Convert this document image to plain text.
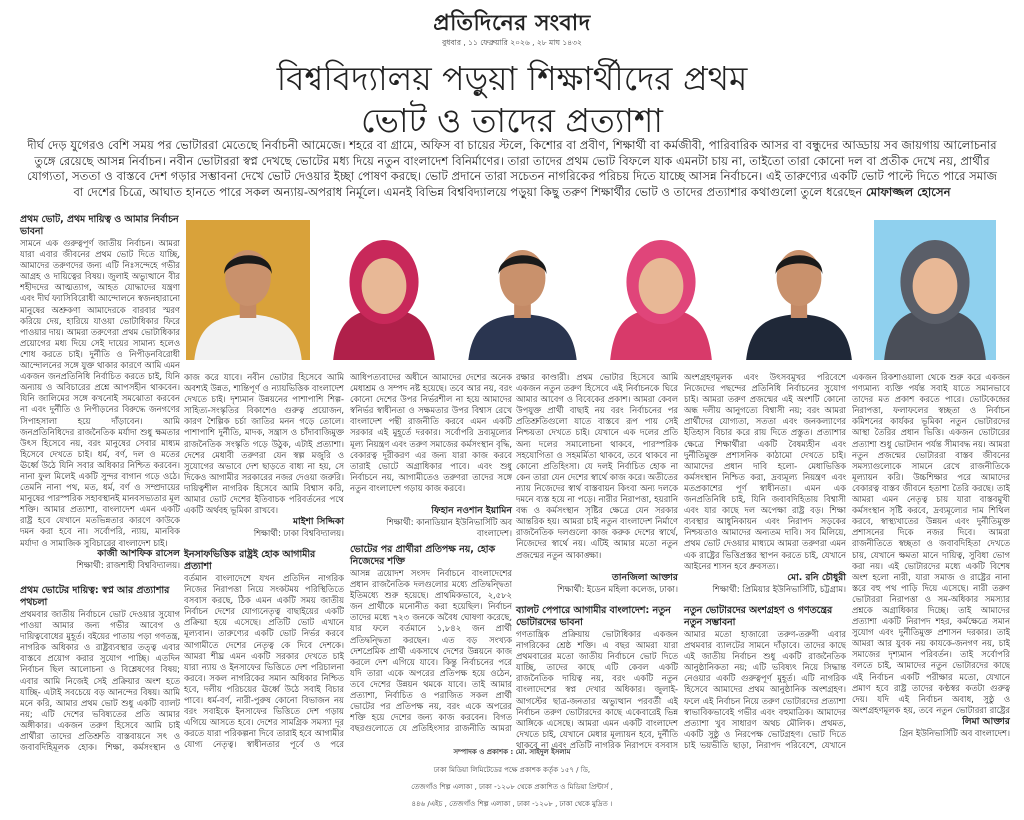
প্রতিদিনের সংবাদ
বুধবার , ১১ ফেব্রুয়ারি ২০২৬ , ২৮ মাঘ ১৪৩২
বিশ্ববিদ্যালয় পড়ুয়া শিক্ষার্থীদের প্রথম
ভোট ও তাদের প্রত্যাশা
দীর্ঘ দেড় যুগেরও বেশি সময় পর ভোটাররা মেতেছে নির্বাচনী আমেজে। শহরে বা গ্রামে, অফিস বা চায়ের স্টলে, কিশোর বা প্রবীণ, শিক্ষার্থী বা কর্মজীবী, পারিবারিক আসর বা বন্ধুদের আড্ডায় সব জায়গায় আলোচনার তুঙ্গে রেয়েছে আসন্ন নির্বাচন। নবীন ভোটাররা স্বপ্ন দেখছে ভোটের মধ্য দিয়ে নতুন বাংলাদেশ বিনির্মাণের। তারা তাদের প্রথম ভোট বিফলে যাক এমনটা চায় না, তাইতো তারা কোনো দল বা প্রতীক দেখে নয়, প্রার্থীর যোগ্যতা, সততা ও বাস্তবে দেশ গড়ার সম্ভাবনা দেখে ভোট দেওয়ার ইচ্ছা পোষণ করছে। ভোট প্রদানে তারা সচেতন নাগরিকের পরিচয় দিতে যাচ্ছে আসন্ন নির্বাচনে। এই তারুণ্যের একটি ভোট পাল্টে দিতে পারে সমাজ বা দেশের চিত্রে, আঘাত হানতে পারে সকল অন্যায়-অপরাধ নির্মূলে। এমনই বিভিন্ন বিশ্ববিদ্যালয়ে পড়ুয়া কিছু তরুণ শিক্ষার্থীর ভোট ও তাদের প্রত্যাশার কথাগুলো তুলে ধরেছেন মোফাজ্জল হোসেন
প্রথম ভোট, প্রথম দায়িত্ব ও আমার নির্বাচন ভাবনা
সামনে এক গুরুত্বপূর্ণ জাতীয় নির্বাচন। আমরা যারা এবার জীবনের প্রথম ভোট দিতে যাচ্ছি, আমাদের তরুণদের জন্য এটি নিঃসন্দেহে গভীর আগ্রহ ও দায়িত্বের বিষয়। জুলাই অভ্যুত্থানে বীর শহীদদের আত্মত্যাগ, আহত যোদ্ধাদের যন্ত্রণা এবং দীর্ঘ ফ্যাসিবিরোধী আন্দোলনে স্বজনহারানো মানুষের অশ্রুকণা আমাদেরকে বারবার স্মরণ করিয়ে দেয়, হারিয়ে যাওয়া ভোটাধিকার ফিরে পাওয়ার দায়। আমরা তরুণেরা প্রথম ভোটাধিকার প্রয়োগের মধ্য দিয়ে সেই দায়ের সামান্য হলেও শোধ করতে চাই। দুর্নীতি ও নিপীড়নবিরোধী আন্দোলনের সঙ্গে যুক্ত থাকার কারণে আমি এমন একজন জনপ্রতিনিধি নির্বাচিত করতে চাই, যিনি অন্যায় ও অবিচারের প্রশ্নে আপসহীন থাকবেন। যিনি জালিমের সঙ্গে কখনোই সমঝোতা করবেন না এবং দুর্নীতি ও নিপীড়নের বিরুদ্ধে জনগণের সিপাহসালা হয়ে দাঁড়াবেন। আমি জনপ্রতিনিধিদের রাজনৈতিক মর্যাদা শুধু ক্ষমতার উৎস হিসেবে নয়, বরং মানুষের সেবার মাধ্যম হিসেবে দেখতে চাই। ধর্ম, বর্ণ, দল ও মতের ঊর্ধ্বে উঠে যিনি সবার অধিকার নিশ্চিত করবেন। নানা ফুল মিলেই একটি সুন্দর বাগান গড়ে ওঠে। তেমনি নানা পথ, মত, ধর্ম, বর্ণ ও সম্প্রদায়ের মানুষের পারস্পরিক সহাবস্থানই মানবসভ্যতার মূল শক্তি। আমার প্রত্যাশা, বাংলাদেশ এমন একটি রাষ্ট্র হবে যেখানে মতভিন্নতার কারণে কাউকে দমন করা হবে না। সর্বোপরি, ন্যায়, মানবিক মর্যাদা ও সামাজিক সুবিচারের বাংলাদেশ চাই।
কাজী আশফিক রাসেল
শিক্ষার্থী: রাজশাহী বিশ্ববিদ্যালয়।
প্রথম ভোটের দায়িত্ব: স্বপ্ন আর প্রত্যাশার পথচলা
প্রথমবার জাতীয় নির্বাচনে ভোট দেওয়ার সুযোগ পাওয়া আমার জন্য গভীর আবেগ ও দায়িত্ববোধের মুহূর্ত। বইয়ের পাতায় পড়া গণতন্ত্র, নাগরিক অধিকার ও রাষ্ট্রব্যবস্থার তত্ত্ব এবার বাস্তবে প্রয়োগ করার সুযোগ পাচ্ছি। এতদিন নির্বাচন ছিল আলোচনা ও বিশ্লেষণের বিষয়; এবার আমি নিজেই সেই প্রক্রিয়ার অংশ হতে যাচ্ছি- এটাই সবচেয়ে বড় আনন্দের বিষয়। আমি মনে করি, আমার প্রথম ভোট শুধু একটি ব্যালট নয়; এটি দেশের ভবিষ্যতের প্রতি আমার অঙ্গীকার। একজন তরুণ হিসেবে আমি চাই প্রার্থীরা তাদের প্রতিশ্রুতি বাস্তবায়নে সৎ ও জবাবদিহিমূলক হোক। শিক্ষা, কর্মসংস্থান ও
কাজ করে যাবে। নবীন ভোটার হিসেবে আমি অবশ্যই উন্নত, শান্তিপূর্ণ ও ন্যায়ভিত্তিক বাংলাদেশ দেখতে চাই। দৃশ্যমান উন্নয়নের পাশাপাশি শিল্প-সাহিত্য-সংস্কৃতির বিকাশেও গুরুত্ব প্রয়োজন, কারণ শৈল্পিক চর্চা জাতির মনন গড়ে তোলে। পাশাপাশি দুর্নীতি, মাদক, সন্ত্রাস ও চাঁদাবাজিমুক্ত রাজনৈতিক সংস্কৃতি গড়ে উঠুক, এটাই প্রত্যাশা। দেশের মেধাবী তরুণরা যেন স্বল্প মজুরি ও সুযোগের অভাবে দেশ ছাড়তে বাধ্য না হয়, সে দিকেও আগামীর সরকারের নজর দেওয়া জরুরি। দায়িত্বশীল নাগরিক হিসেবে আমি বিশ্বাস করি, আমার ভোট দেশের ইতিবাচক পরিবর্তনের পথে একটি অর্থবহ ভূমিকা রাখবে।
মাইশা সিদ্দিকা
শিক্ষার্থী: ঢাকা বিশ্ববিদ্যালয়।
ইনসাফভিত্তিক রাষ্ট্রই হোক আগামীর প্রত্যাশা
বর্তমান বাংলাদেশে যখন প্রতিদিন নাগরিক নিজের নিরাপত্তা নিয়ে সংকটময় পরিস্থিতিতে বসবাস করছে, ঠিক এমন একটি সময় জাতীয় নির্বাচন দেশের যোগ্যনেতৃত্ব বাছাইয়ের একটি প্রক্রিয়া হয়ে এসেছে। প্রতিটি ভোট এখানে মূল্যবান। তারুণ্যের একটি ভোট নির্ভর করবে আগামীতে দেশের নেতৃত্ব কে দিবে দেশকে। আমরা শীঘ্র এমন একটি সরকার দেখতে চাই যারা ন্যায় ও ইনসাফের ভিত্তিতে দেশ পরিচালনা করবে। সকল নাগরিকের সমান অধিকার নিশ্চিত হবে, দলীয় পরিচয়ের ঊর্ধ্বে উঠে সবাই বিচার পাবে। ধর্ম-বর্ণ, নারী-পুরুষ কোনো বিভাজন নয় বরং সবাইকে ইনসাফের ভিত্তিতে দেশ গড়ায় এগিয়ে আসতে হবে। দেশের সামগ্রিক সমস্যা দূর করতে যারা পরিকল্পনা দিবে তারাই হবে আগামীর যোগ্য নেতৃত্ব। স্বাধীনতার পূর্বে ও পরে
আধিপত্যবাদের অধীনে আমাদের দেশের অনেক মেধাশ্রম ও সম্পদ নষ্ট হয়েছে। তবে আর নয়, বরং কোনো দেশের উপর নির্ভরশীল না হয়ে আমাদের স্বনির্ভর স্বাধীনতা ও সক্ষমতার উপর বিশ্বাস রেখে বাংলাদেশ পন্থী রাজনীতি করবে এমন একটি সরকার এই মুহূর্তে দরকার। সর্বোপরি দ্রব্যমূল্যের মূল্য নিয়ন্ত্রণ এবং তরুণ সমাজের কর্মসংস্থান বৃদ্ধি, বেকারত্ব দূরীকরণ এর জন্য যারা কাজ করবে তারাই ভোটে অগ্রাধিকার পাবে। এবং শুধু নির্বাচনে নয়, আগামীতেও তরুণরা তাদের সঙ্গে নতুন বাংলাদেশ গড়ায় কাজ করবে।
ফিহান নওশান ইয়ামিন
শিক্ষার্থী: কানাডিয়ান ইউনিভার্সিটি অব বাংলাদেশ।
ভোটের পর প্রার্থীরা প্রতিপক্ষ নয়, হোক নিজেদের শক্তি
আসন্ন ত্রয়োদশ সংসদ নির্বাচনে বাংলাদেশের প্রধান রাজনৈতিক দলগুলোর মধ্যে প্রতিদ্বন্দ্বিতা ইতিমধ্যে শুরু হয়েছে। প্রাথমিকভাবে, ২,৫৮২ জন প্রার্থীকে মনোনীত করা হয়েছিল। নির্বাচন তাদের মধ্যে ৭২৩ জনকে অবৈধ ঘোষণা করেছে, যার ফলে বর্তমানে ১,৮৪২ জন প্রার্থী প্রতিদ্বন্দ্বিতা করছেন। এত বড় সংখ্যক দেশপ্রেমিক প্রার্থী একসাথে দেশের উন্নয়নে কাজ করলে দেশ এগিয়ে যাবে। কিন্তু নির্বাচনের পরে যদি তারা একে অপরের প্রতিপক্ষ হয়ে ওঠেন, তবে দেশের উন্নয়ন থমকে যাবে। তাই আমার প্রত্যাশা, নির্বাচিত ও পরাজিত সকল প্রার্থী ভোটের পর প্রতিপক্ষ নয়, বরং একে অপরের শক্তি হয়ে দেশের জন্য কাজ করবেন। বিগত বছরগুলোতে যে প্রতিহিংসার রাজনীতি আমরা
রক্ষার কাণ্ডারী। প্রথম ভোটার হিসেবে আমি একজন নতুন তরুণ হিসেবে এই নির্বাচনকে ঘিরে আমার আবেগ ও বিবেকের প্রকাশ। আমরা কেবল উপযুক্ত প্রার্থী বাছাই নয় বরং নির্বাচনের পর প্রতিশ্রুতিগুলো যাতে বাস্তবে রূপ পায় সেই নিশ্চয়তা দেখতে চাই। যেখানে এক দলের প্রতি অন্য দলের সমালোচনা থাকবে, পারস্পরিক সহযোগিতা ও সহমর্মিতা থাকবে, তবে থাকবে না কোনো প্রতিহিংসা। যে দলই নির্বাচিত হোক না কেন তারা যেন দেশের স্বার্থে কাজ করে। অতীতের ন্যায় নিজেদের স্বার্থ বাস্তবায়ন কিংবা অন্য দলকে দমনে ব্যস্ত হয়ে না পড়ে। নারীর নিরাপত্তা, হয়রানি বন্ধ ও কর্মসংস্থান সৃষ্টির ক্ষেত্রে যেন সরকার আন্তরিক হয়। আমরা চাই নতুন বাংলাদেশ নির্মাণে রাজনৈতিক দলগুলো কাজ করুক দেশের স্বার্থে, নিজেদের স্বার্থে নয়। এটিই আমার মতো নতুন প্রজন্মের নতুন আকাঙ্ক্ষা।
তানজিলা আক্তার
শিক্ষার্থী: ইডেন মহিলা কলেজ, ঢাকা।
ব্যালট পেপারে আগামীর বাংলাদেশ: নতুন ভোটারদের ভাবনা
গণতান্ত্রিক প্রক্রিয়ায় ভোটাধিকার একজন নাগরিকের শ্রেষ্ঠ শক্তি। এ বছর আমরা যারা প্রথমবারের মতো জাতীয় নির্বাচনে ভোট দিতে যাচ্ছি, তাদের কাছে এটি কেবল একটি রাজনৈতিক দায়িত্ব নয়, বরং একটি নতুন বাংলাদেশের স্বপ্ন দেখার অধিকার। জুলাই-আগস্টের ছাত্র-জনতার অভ্যুত্থান পরবর্তী এই নির্বাচন তরুণ ভোটারদের কাছে একেবারেই ভিন্ন আঙ্গিকে এসেছে। আমরা এমন একটি বাংলাদেশ দেখতে চাই, যেখানে মেধার মূল্যায়ন হবে, দুর্নীতি থাকবে না এবং প্রতিটি নাগরিক নিরাপদে বসবাস
অংশগ্রহণমূলক এবং উৎসবমুখর পরিবেশে নিজেদের পছন্দের প্রতিনিধি নির্বাচনের সুযোগ চাই। আমরা তরুণ প্রজন্মের এই অংশটি কোনো অন্ধ দলীয় আনুগত্যে বিশ্বাসী নয়; বরং আমরা প্রার্থীদের যোগ্যতা, সততা এবং জনকল্যাণের ইতিহাস বিচার করে রায় দিতে প্রস্তুত। প্রত্যাশার ক্ষেত্রে শিক্ষার্থীরা একটি বৈষম্যহীন এবং দুর্নীতিমুক্ত প্রশাসনিক কাঠামো দেখতে চাই। আমাদের প্রধান দাবি হলো- মেধাভিত্তিক কর্মসংস্থান নিশ্চিত করা, দ্রব্যমূল্য নিয়ন্ত্রণ এবং মতপ্রকাশের পূর্ণ স্বাধীনতা। এমন এক জনপ্রতিনিধি চাই, যিনি জবাবদিহিতায় বিশ্বাসী এবং যার কাছে দল অপেক্ষা রাষ্ট্র বড়। শিক্ষা ব্যবস্থার আধুনিকায়ন এবং নিরাপদ সড়কের নিশ্চয়তাও আমাদের অন্যতম দাবি। সব মিলিয়ে, প্রথম ভোট দেওয়ার মাধ্যমে আমরা তরুণরা এমন এক রাষ্ট্রের ভিত্তিপ্রস্তর স্থাপন করতে চাই, যেখানে আইনের শাসন হবে ধ্রুবসত্য।
মো. রনি চৌধুরী
শিক্ষার্থী: প্রিমিয়ার ইউনিভার্সিটি, চট্টগ্রাম।
নতুন ভোটারদের অংশগ্রহণ ও গণতন্ত্রের নতুন সম্ভাবনা
আমার মতো হাজারো তরুণ-তরুণী এবার প্রথমবার ব্যালটের সামনে দাঁড়াবে। তাদের কাছে এই জাতীয় নির্বাচন শুধু একটি রাজনৈতিক আনুষ্ঠানিকতা নয়; এটি ভবিষ্যৎ নিয়ে সিদ্ধান্ত নেওয়ার একটি গুরুত্বপূর্ণ মুহূর্ত। এটি নাগরিক হিসেবে আমাদের প্রথম আনুষ্ঠানিক অংশগ্রহণ। ফলে এই নির্বাচন নিয়ে তরুণ ভোটারদের প্রত্যাশা স্বাভাবিকভাবেই গভীর এবং বহুমাত্রিক। আমাদের প্রত্যাশা খুব সাধারণ অথচ মৌলিক। প্রথমত, একটি সুষ্ঠু ও নিরপেক্ষ ভোটগ্রহণ। ভোট দিতে চাই ভয়ভীতি ছাড়া, নিরাপদ পরিবেশে, যেখানে
একজন রিকশাওয়ালা থেকে শুরু করে একজন গণ্যমান্য ব্যক্তি পর্যন্ত সবাই যাতে সমানভাবে তাদের মত প্রকাশ করতে পারে। ভোটকেন্দ্রের নিরাপত্তা, ফলাফলের স্বচ্ছতা ও নির্বাচন কমিশনের কার্যকর ভূমিকা নতুন ভোটারদের আস্থা তৈরির প্রধান ভিত্তি। একজন ভোটারের প্রত্যাশা শুধু ভোটদান পর্যন্ত সীমাবদ্ধ নয়। আমরা নতুন প্রজন্মের ভোটাররা বাস্তব জীবনের সমস্যাগুলোকে সামনে রেখে রাজনীতিকে মূল্যায়ন করি। উচ্চশিক্ষার পরে আমাদের বেকারত্ব বাস্তব জীবনে হতাশা তৈরি করছে। তাই আমরা এমন নেতৃত্ব চায় যারা বাস্তবমুখী কর্মসংস্থান সৃষ্টি করবে, দ্রব্যমূল্যের দাম শিথিল করবে, স্বাস্থ্যখাতের উন্নয়ন এবং দুর্নীতিমুক্ত প্রশাসনের দিকে নজর দিবে। আমরা রাজনীতিতে স্বচ্ছতা ও জবাবদিহিতা দেখতে চায়, যেখানে ক্ষমতা মানে দায়িত্ব, সুবিধা ভোগ করা নয়। এই ভোটারদের মধ্যে একটি বিশেষ অংশ হলো নারী, যারা সমাজ ও রাষ্ট্রের নানা স্তরে বহু পথ পাড়ি দিয়ে এসেছে। নারী তরুণ ভোটাররা নিরাপত্তা ও সম-অধিকার সমস্যার প্রশ্নকে অগ্রাধিকার দিচ্ছে। তাই আমাদের প্রত্যাশা একটি নিরাপদ শহর, কর্মক্ষেত্রে সমান সুযোগ এবং দুর্নীতিমুক্ত প্রশাসন দরকার। তাই আমরা আর যুবক নয় কাযকে-জনগণ নয়, চাই সমাজের দৃশ্যমান পরিবর্তন। তাই সর্বোপরি বলতে চাই, আমাদের নতুন ভোটারদের কাছে এই নির্বাচন একটি পরীক্ষার মতো, যেখানে প্রমাণ হবে রাষ্ট্র তাদের কণ্ঠস্বর কতটা গুরুত্ব দেয়। যদি এই নির্বাচন অবাধ, সুষ্ঠু ও অংশগ্রহণমূলক হয়, তবে নতুন ভোটাররা রাষ্ট্রের
লিমা আক্তার
গ্রিন ইউনিভার্সিটি অব বাংলাদেশ।
সম্পাদক ও প্রকাশক : মো. সাইদুল ইসলাম
ঢাকা মিডিয়া লিমিটেডের পক্ষে প্রকাশক কর্তৃক ১৫৭ / ডি,
তেজগাঁও শিল্প এলাকা , ঢাকা -১২০৮ থেকে প্রকাশিত ও মিডিয়া প্রিন্টার্স ,
৪৪৬ /এইচ , তেজগাঁও শিল্প এলাকা , ঢাকা -১২০৮ , ঢাকা থেকে মুদ্রিত ।
